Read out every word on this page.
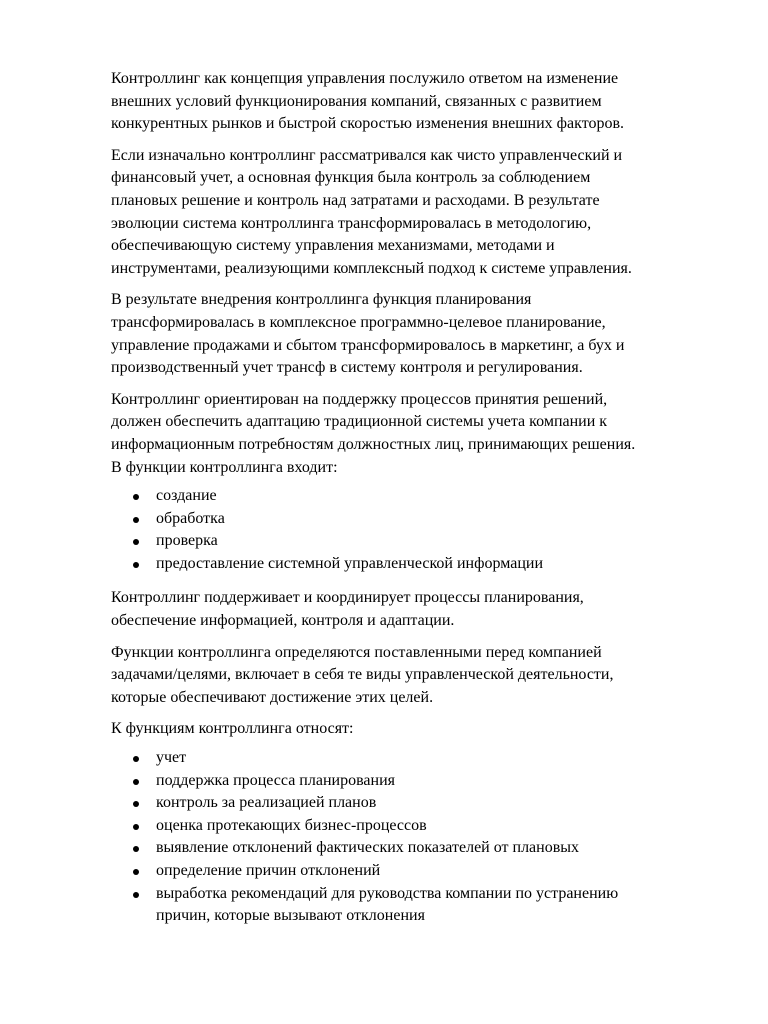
Контроллинг как концепция управления послужило ответом на изменение
внешних условий функционирования компаний, связанных с развитием
конкурентных рынков и быстрой скоростью изменения внешних факторов.

Если изначально контроллинг рассматривался как чисто управленческий и
финансовый учет, а основная функция была контроль за соблюдением
плановых решение и контроль над затратами и расходами. В результате
эволюции система контроллинга трансформировалась в методологию,
обеспечивающую систему управления механизмами, методами и
инструментами, реализующими комплексный подход к системе управления.

В результате внедрения контроллинга функция планирования
трансформировалась в комплексное программно-целевое планирование,
управление продажами и сбытом трансформировалось в маркетинг, а бух и
производственный учет трансф в систему контроля и регулирования.

Контроллинг ориентирован на поддержку процессов принятия решений,
должен обеспечить адаптацию традиционной системы учета компании к
информационным потребностям должностных лиц, принимающих решения.
В функции контроллинга входит:

создание
обработка
проверка
предоставление системной управленческой информации

Контроллинг поддерживает и координирует процессы планирования,
обеспечение информацией, контроля и адаптации.

Функции контроллинга определяются поставленными перед компанией
задачами/целями, включает в себя те виды управленческой деятельности,
которые обеспечивают достижение этих целей.

К функциям контроллинга относят:

учет
поддержка процесса планирования
контроль за реализацией планов
оценка протекающих бизнес-процессов
выявление отклонений фактических показателей от плановых
определение причин отклонений
выработка рекомендаций для руководства компании по устранению
причин, которые вызывают отклонения
